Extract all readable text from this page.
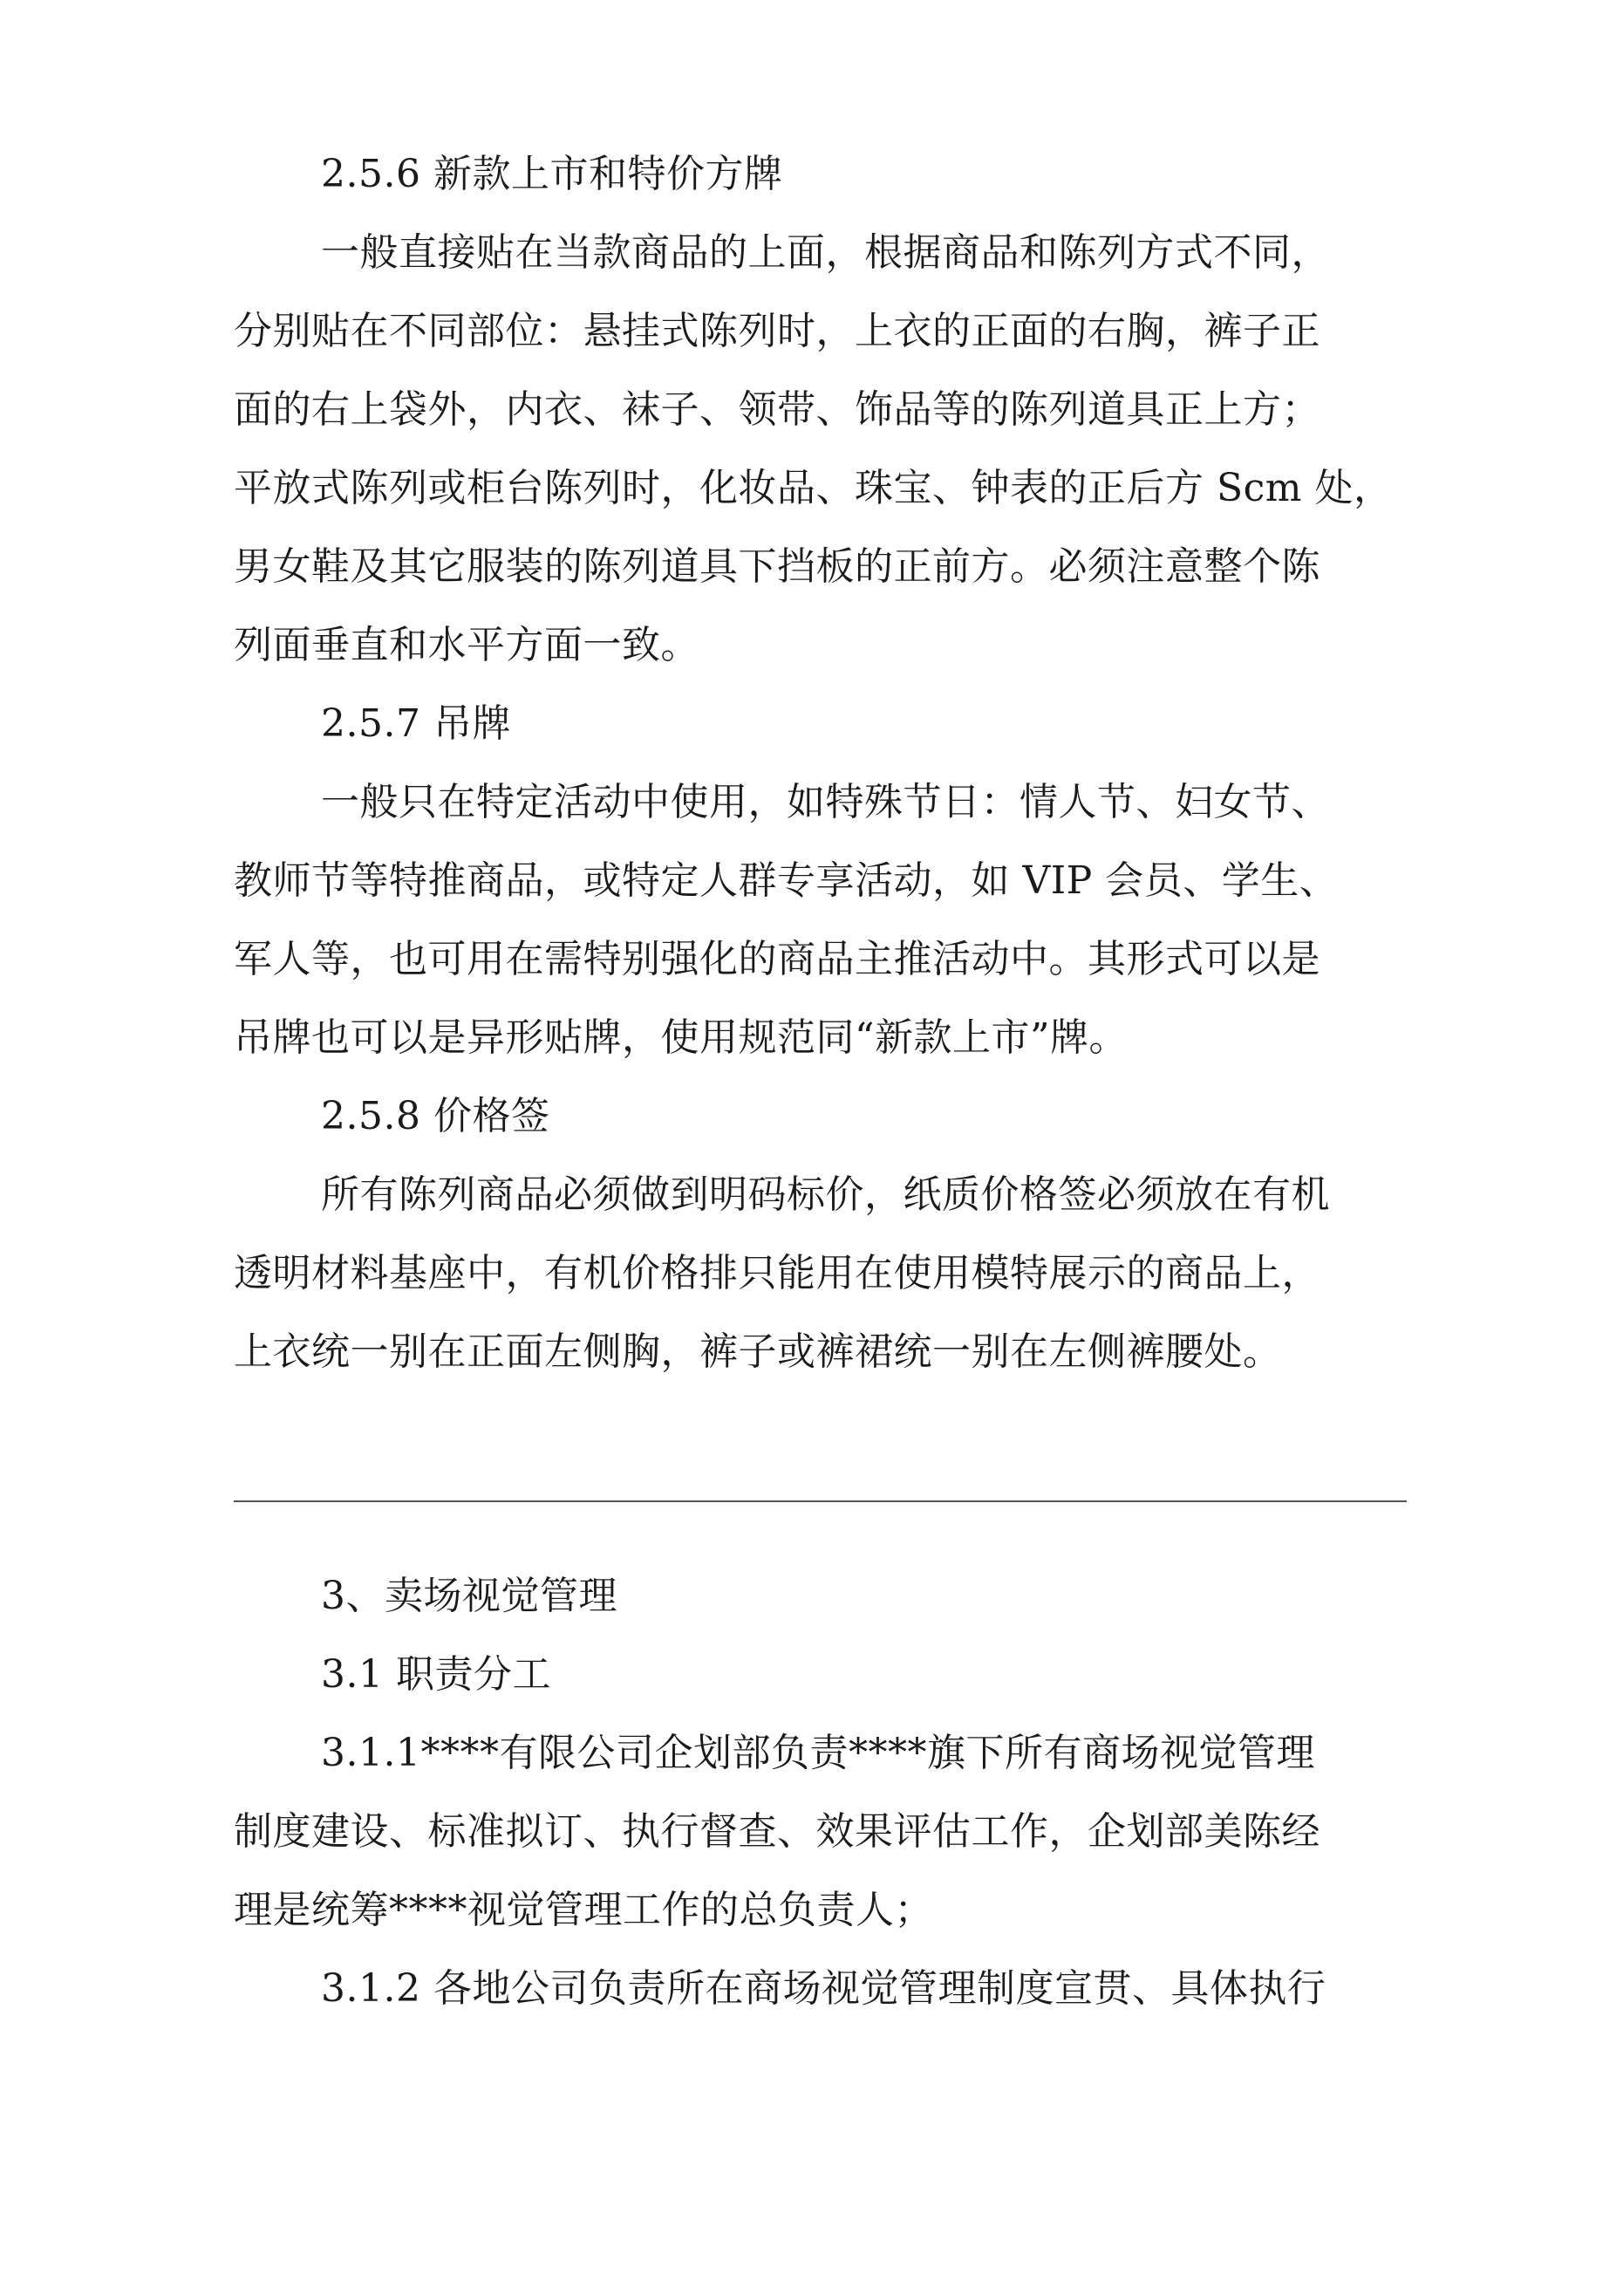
2.5.6 新款上市和特价方牌
一般直接贴在当款商品的上面，根据商品和陈列方式不同，
分别贴在不同部位：悬挂式陈列时，上衣的正面的右胸，裤子正
面的右上袋外，内衣、袜子、领带、饰品等的陈列道具正上方；
平放式陈列或柜台陈列时，化妆品、珠宝、钟表的正后方 Scm 处，
男女鞋及其它服装的陈列道具下挡板的正前方。必须注意整个陈
列面垂直和水平方面一致。
2.5.7 吊牌
一般只在特定活动中使用，如特殊节日：情人节、妇女节、
教师节等特推商品，或特定人群专享活动，如 VIP 会员、学生、
军人等，也可用在需特别强化的商品主推活动中。其形式可以是
吊牌也可以是异形贴牌，使用规范同“新款上市”牌。
2.5.8 价格签
所有陈列商品必须做到明码标价，纸质价格签必须放在有机
透明材料基座中，有机价格排只能用在使用模特展示的商品上，
上衣统一别在正面左侧胸，裤子或裤裙统一别在左侧裤腰处。
3、卖场视觉管理
3.1 职责分工
3.1.1****有限公司企划部负责****旗下所有商场视觉管理
制度建设、标准拟订、执行督查、效果评估工作，企划部美陈经
理是统筹****视觉管理工作的总负责人；
3.1.2 各地公司负责所在商场视觉管理制度宣贯、具体执行
